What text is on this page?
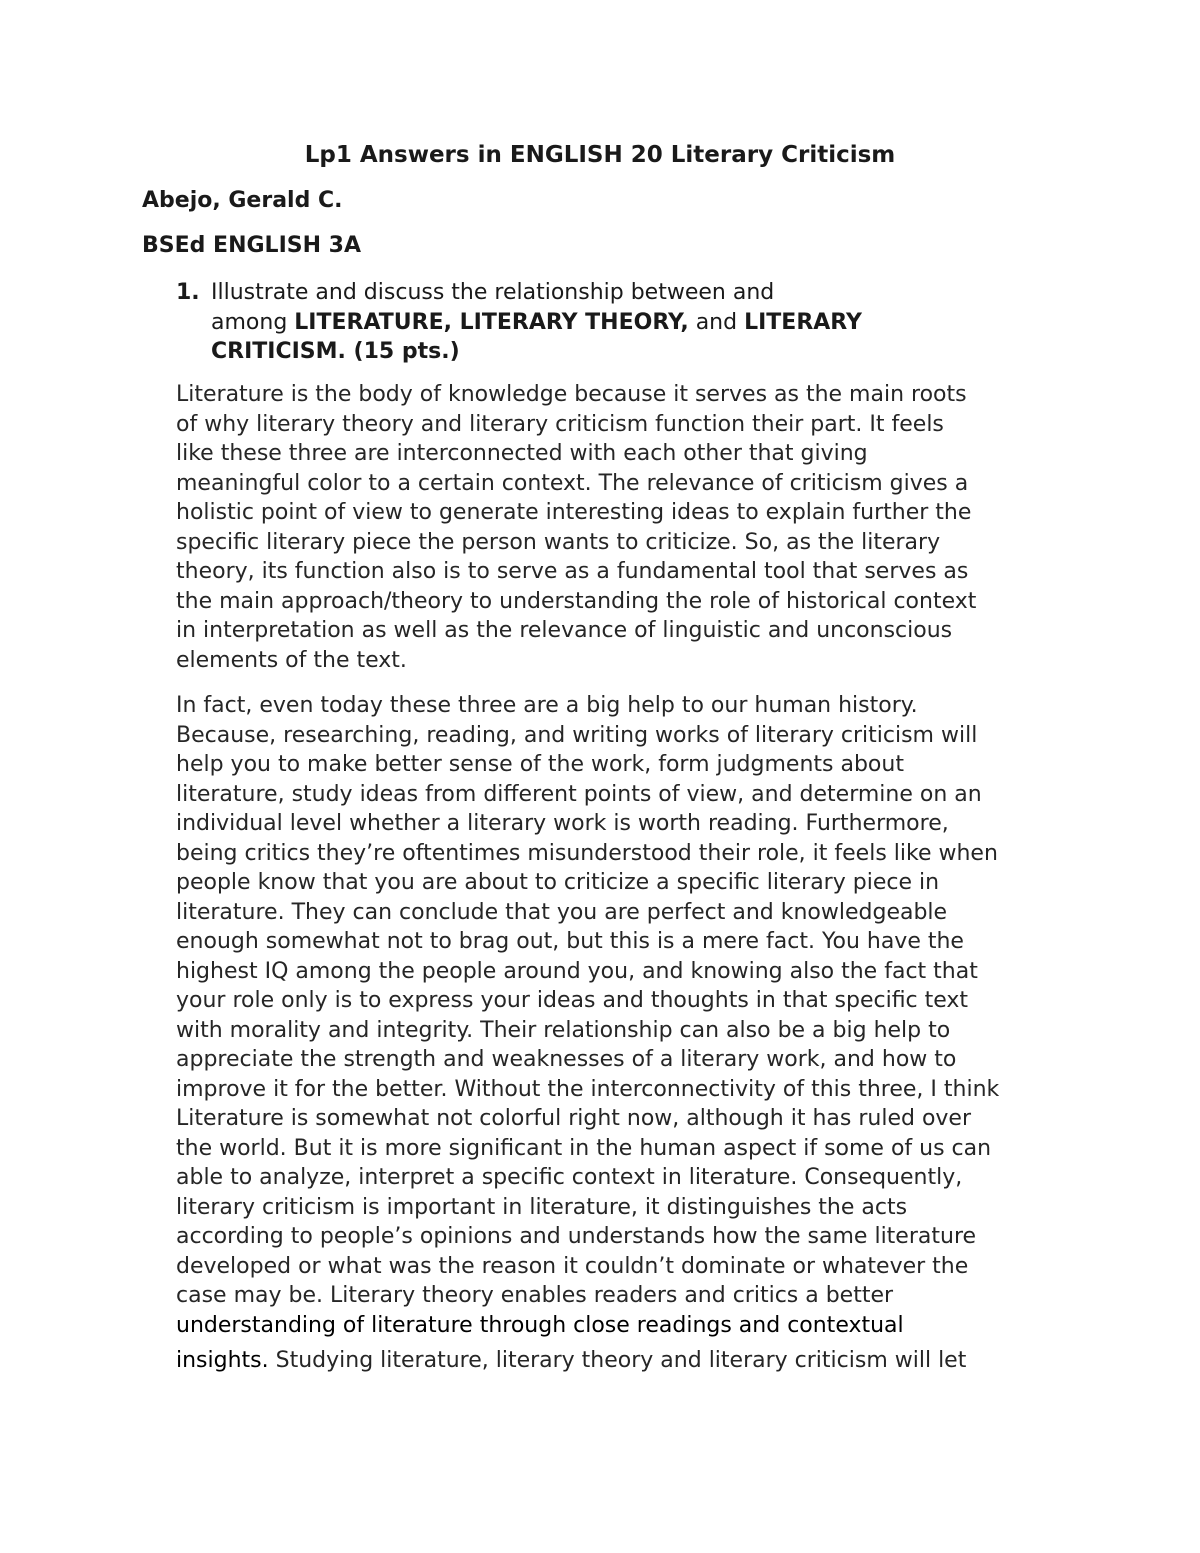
Lp1 Answers in ENGLISH 20 Literary Criticism
Abejo, Gerald C.
BSEd ENGLISH 3A
1. Illustrate and discuss the relationship between and
among LITERATURE, LITERARY THEORY, and LITERARY
CRITICISM. (15 pts.)
Literature is the body of knowledge because it serves as the main roots
of why literary theory and literary criticism function their part. It feels
like these three are interconnected with each other that giving
meaningful color to a certain context. The relevance of criticism gives a
holistic point of view to generate interesting ideas to explain further the
specific literary piece the person wants to criticize. So, as the literary
theory, its function also is to serve as a fundamental tool that serves as
the main approach/theory to understanding the role of historical context
in interpretation as well as the relevance of linguistic and unconscious
elements of the text.
In fact, even today these three are a big help to our human history.
Because, researching, reading, and writing works of literary criticism will
help you to make better sense of the work, form judgments about
literature, study ideas from different points of view, and determine on an
individual level whether a literary work is worth reading. Furthermore,
being critics they’re oftentimes misunderstood their role, it feels like when
people know that you are about to criticize a specific literary piece in
literature. They can conclude that you are perfect and knowledgeable
enough somewhat not to brag out, but this is a mere fact. You have the
highest IQ among the people around you, and knowing also the fact that
your role only is to express your ideas and thoughts in that specific text
with morality and integrity. Their relationship can also be a big help to
appreciate the strength and weaknesses of a literary work, and how to
improve it for the better. Without the interconnectivity of this three, I think
Literature is somewhat not colorful right now, although it has ruled over
the world. But it is more significant in the human aspect if some of us can
able to analyze, interpret a specific context in literature. Consequently,
literary criticism is important in literature, it distinguishes the acts
according to people’s opinions and understands how the same literature
developed or what was the reason it couldn’t dominate or whatever the
case may be. Literary theory enables readers and critics a better
understanding of literature through close readings and contextual
insights. Studying literature, literary theory and literary criticism will let
